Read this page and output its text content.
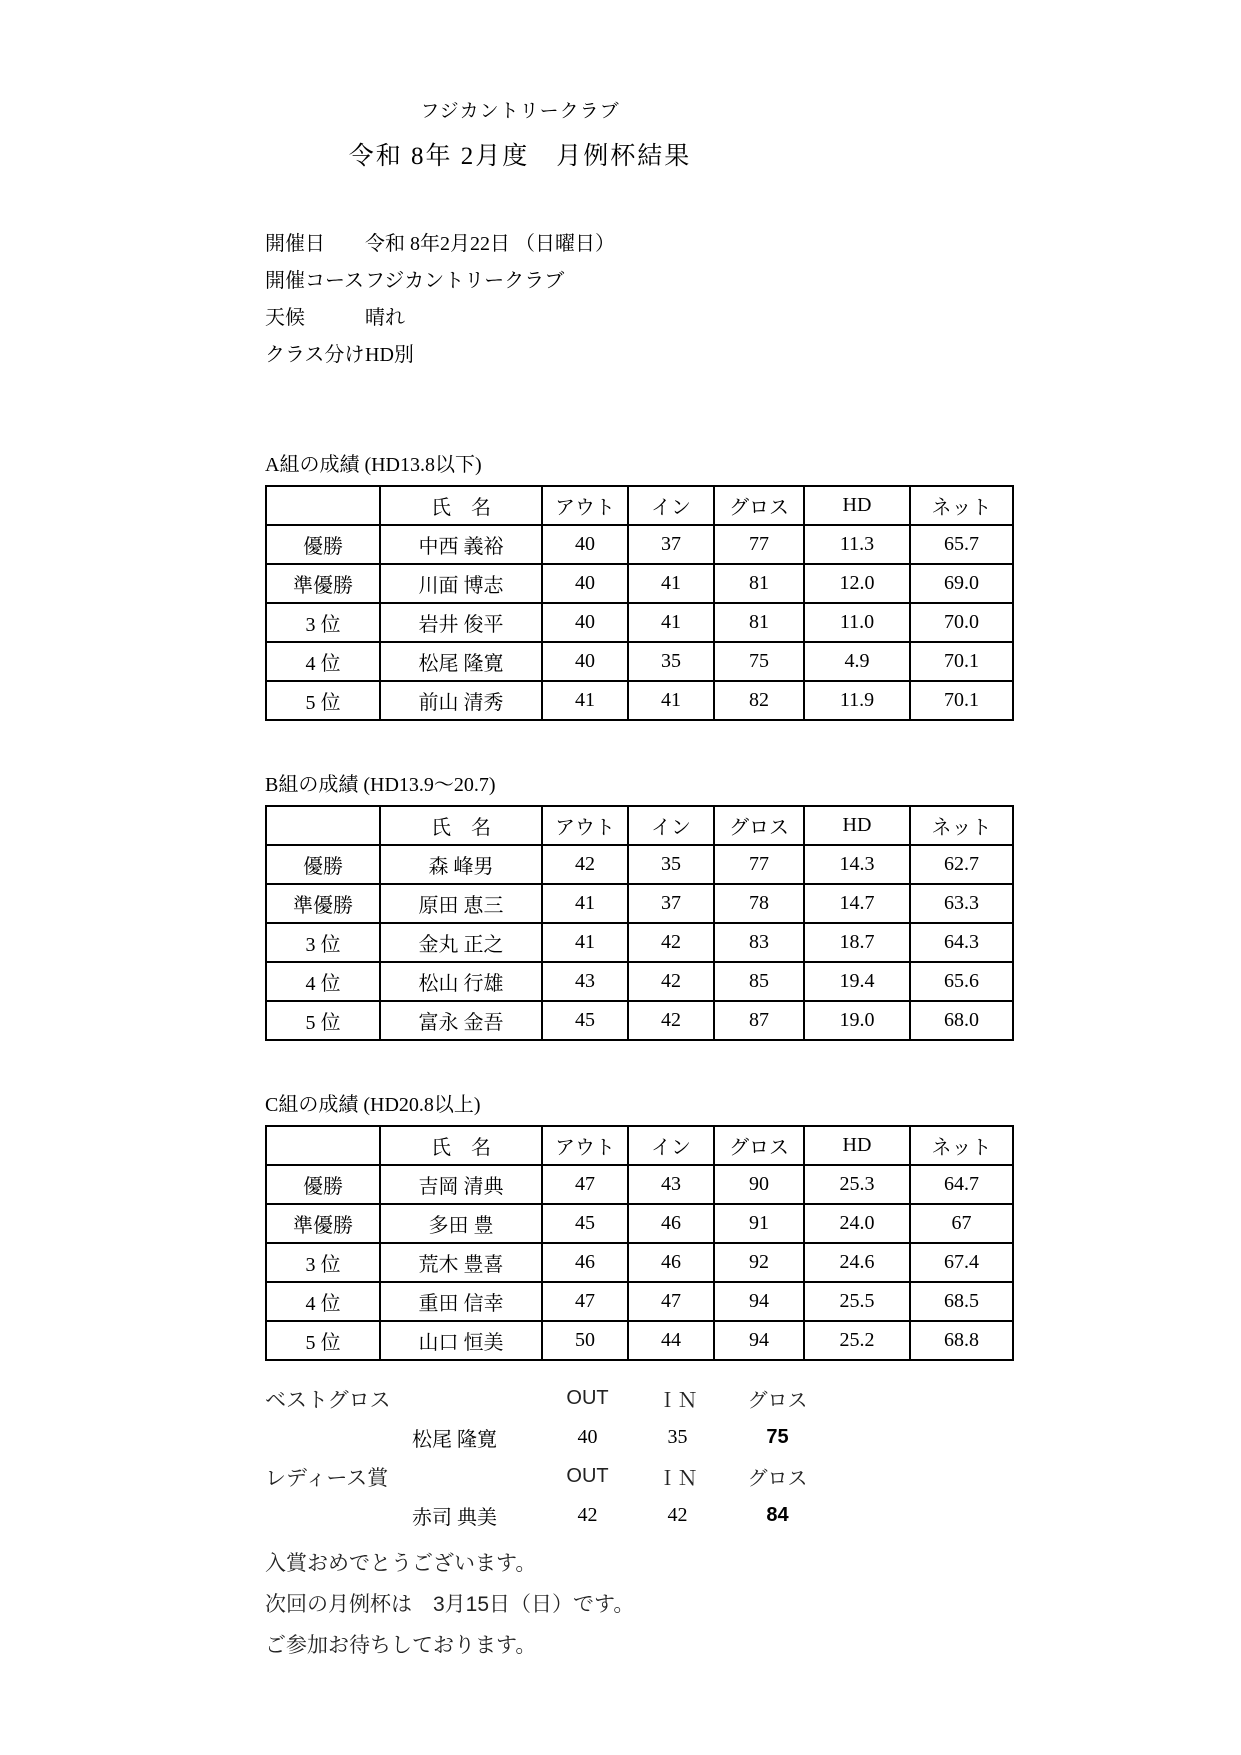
フジカントリークラブ
令和 8年 2月度　月例杯結果
開催日	令和 8年2月22日 （日曜日）
開催コース フジカントリークラブ
天候	晴れ
クラス分け HD別
A組の成績 (HD13.8以下)
	氏　名	アウト	イン	グロス	HD	ネット
優勝	中西 義裕	40	37	77	11.3	65.7
準優勝	川面 博志	40	41	81	12.0	69.0
3 位	岩井 俊平	40	41	81	11.0	70.0
4 位	松尾 隆寛	40	35	75	4.9	70.1
5 位	前山 清秀	41	41	82	11.9	70.1
B組の成績 (HD13.9～20.7)
	氏　名	アウト	イン	グロス	HD	ネット
優勝	森 峰男	42	35	77	14.3	62.7
準優勝	原田 恵三	41	37	78	14.7	63.3
3 位	金丸 正之	41	42	83	18.7	64.3
4 位	松山 行雄	43	42	85	19.4	65.6
5 位	富永 金吾	45	42	87	19.0	68.0
C組の成績 (HD20.8以上)
	氏　名	アウト	イン	グロス	HD	ネット
優勝	吉岡 清典	47	43	90	25.3	64.7
準優勝	多田 豊	45	46	91	24.0	67
3 位	荒木 豊喜	46	46	92	24.6	67.4
4 位	重田 信幸	47	47	94	25.5	68.5
5 位	山口 恒美	50	44	94	25.2	68.8
ベストグロス	OUT	ＩＮ	グロス
松尾 隆寛	40	35	75
レディース賞	OUT	ＩＮ	グロス
赤司 典美	42	42	84

入賞おめでとうございます。

次回の月例杯は　3月15日（日）です。

ご参加お待ちしております。
